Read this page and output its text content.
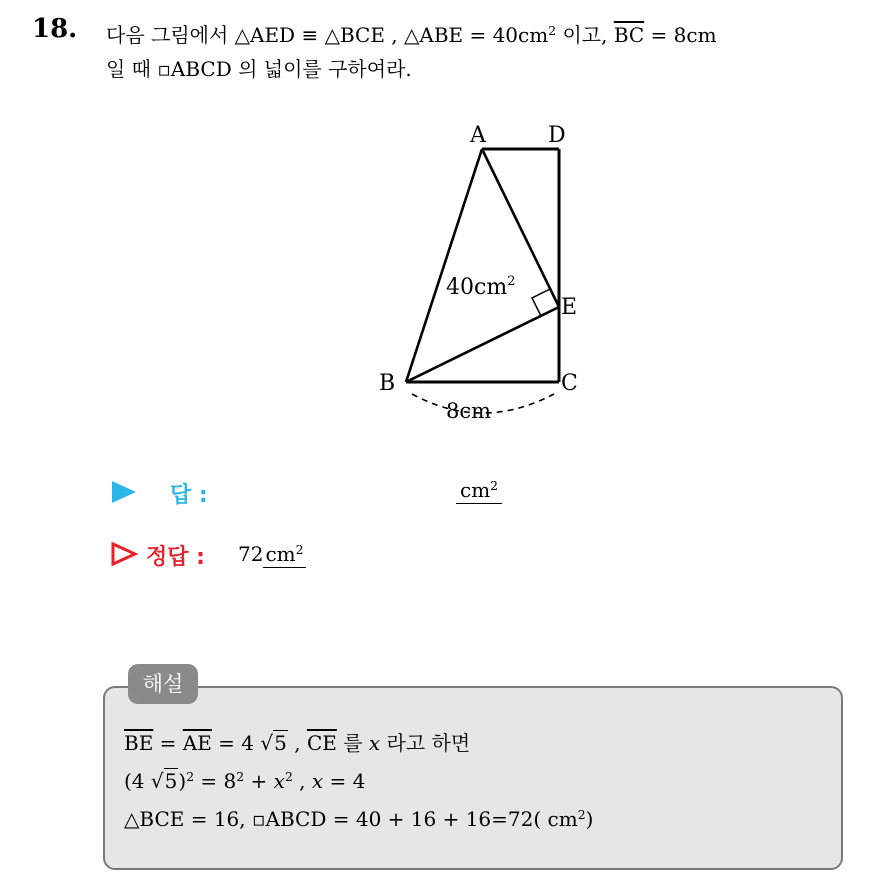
18. 다음 그림에서 △AED ≡ △BCE , △ABE = $40cm^2$ 이고, $\overline{BC} = 8cm$
일 때 ▫ABCD 의 넓이를 구하여라.
A	D
E
B	C
$40cm^2$
8cm
답 :	$cm^2$
정답 : 72 $cm^2$
해설
$\overline{BE} = \overline{AE} = 4$ √5 , $\overline{CE}$ 를 x 라고 하면
(4 $√5)^2 = 8^2 + x^2$ , x = 4
△BCE = 16, ▫ABCD = 40 + 16 + 16=72( $cm^2$)
